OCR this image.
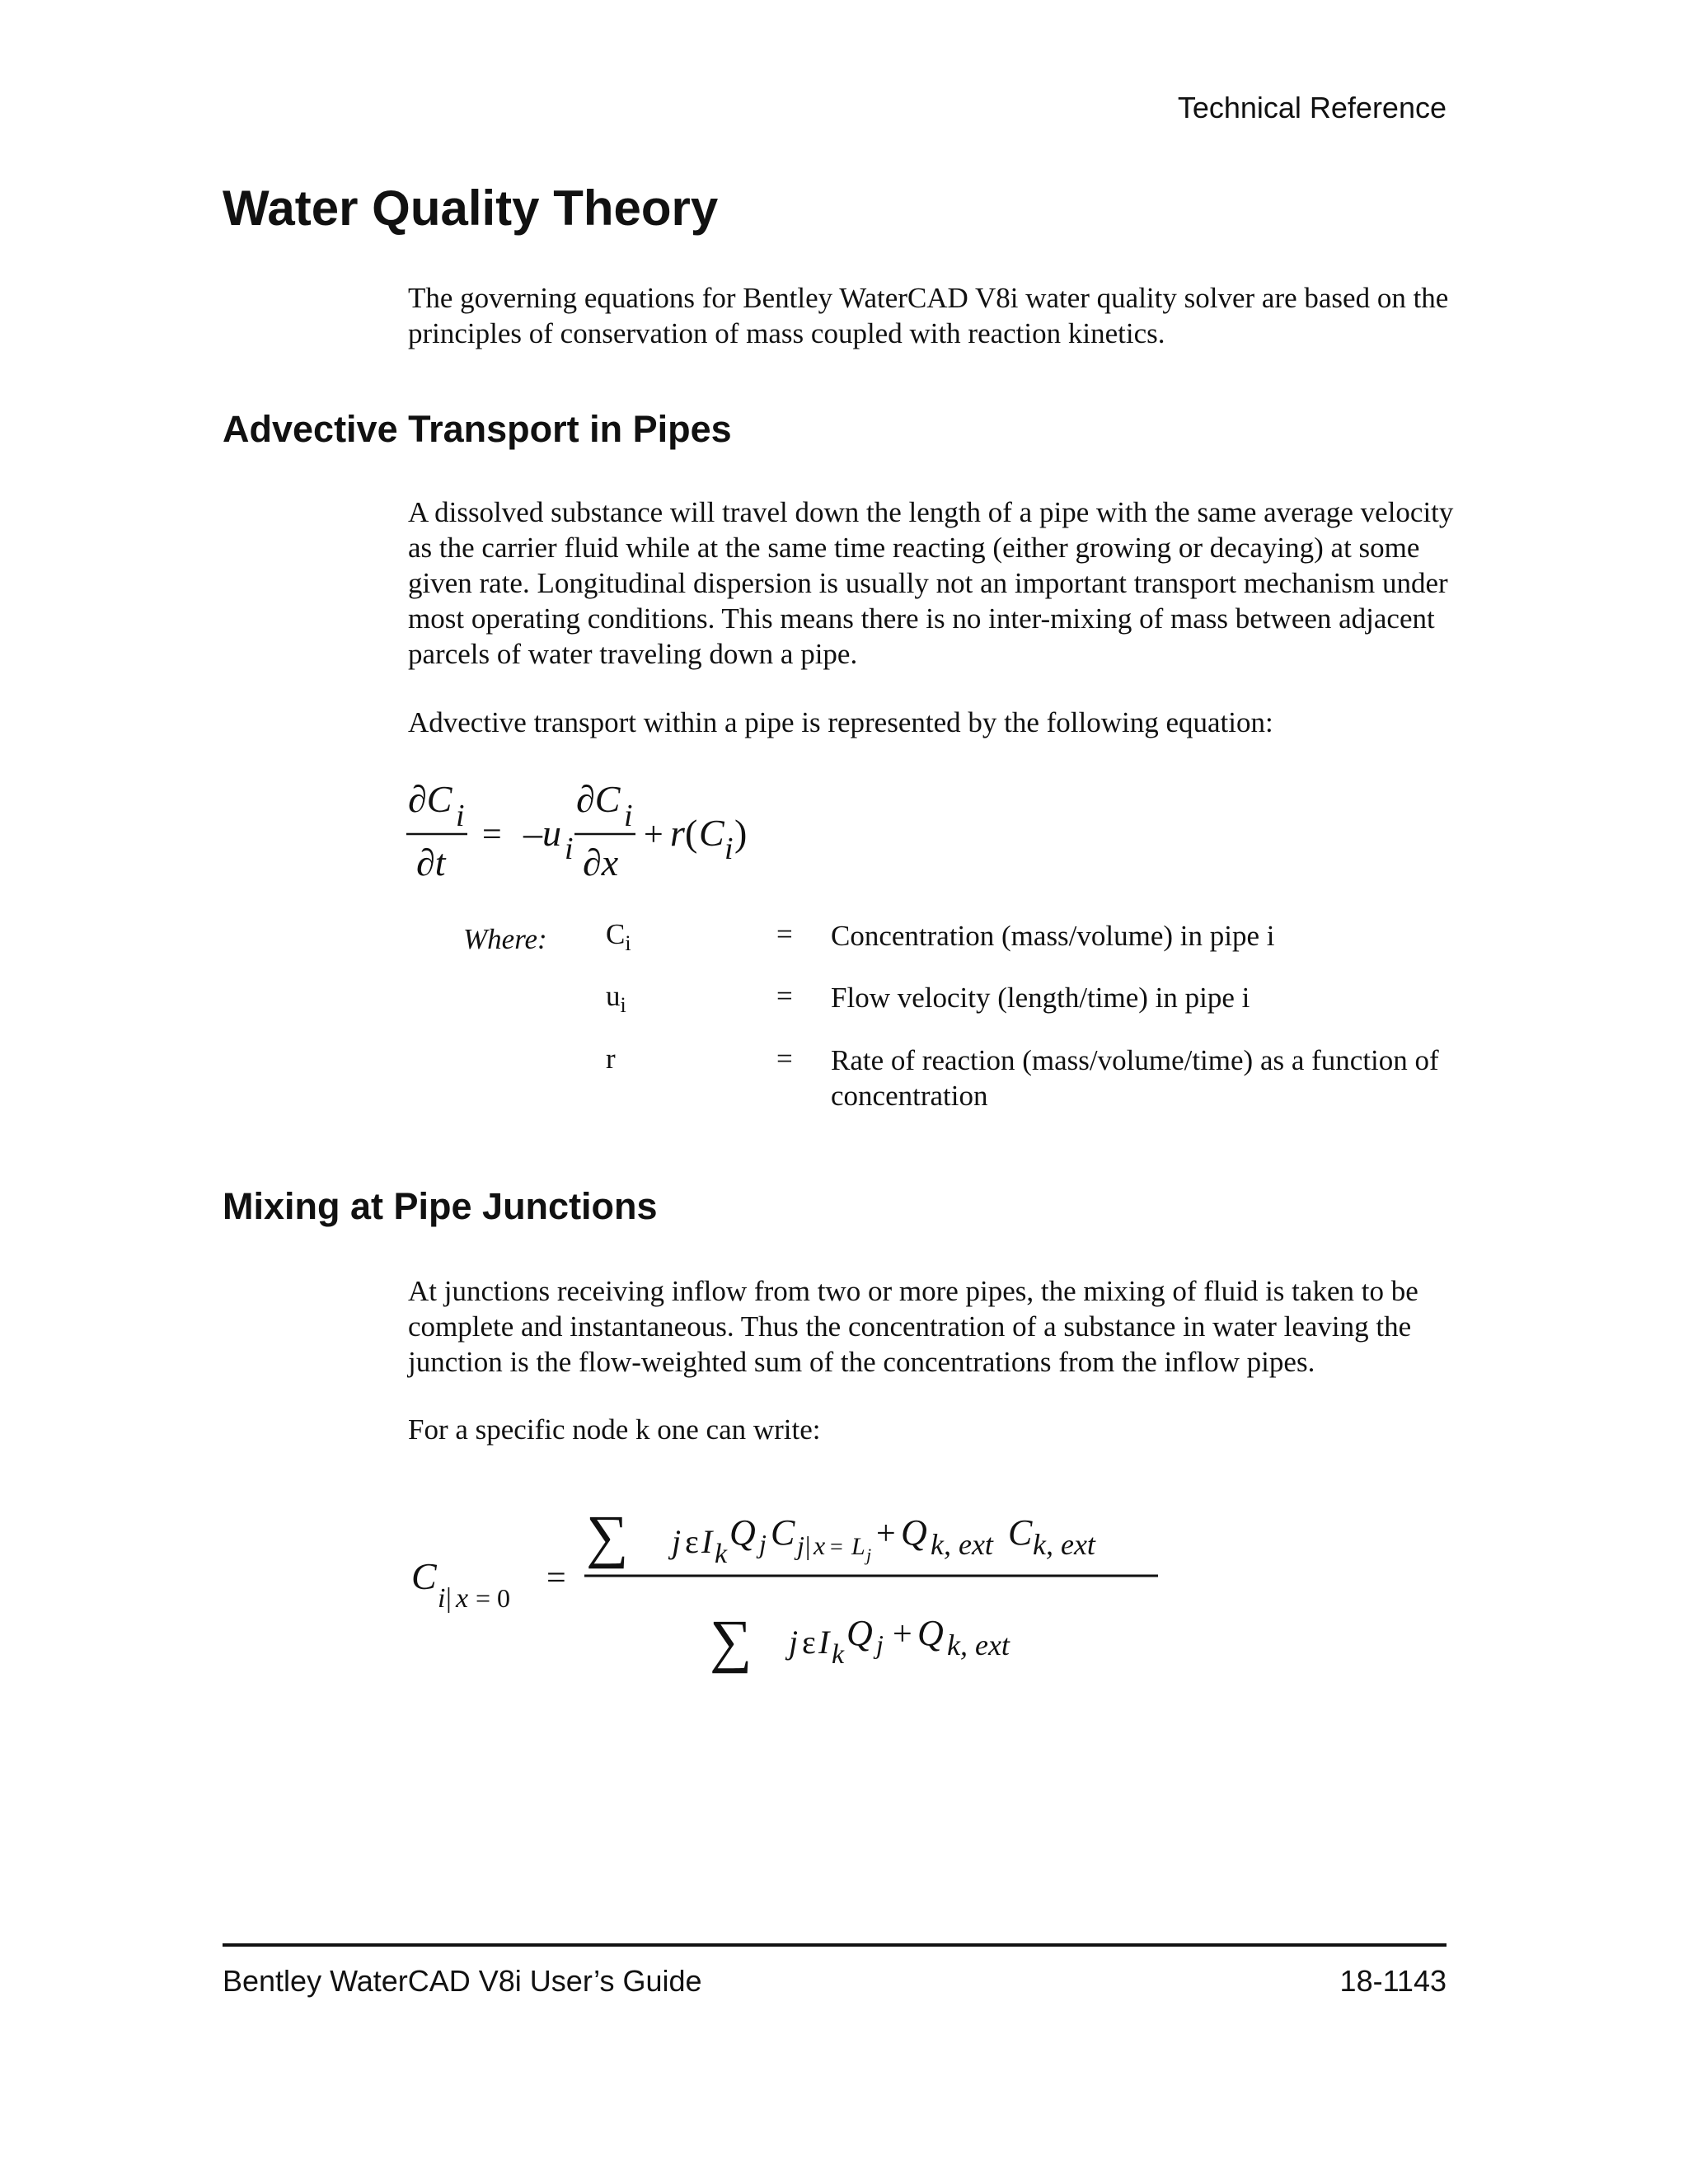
Technical Reference
Water Quality Theory

The governing equations for Bentley WaterCAD V8i water quality solver are based on the principles of conservation of mass coupled with reaction kinetics.

Advective Transport in Pipes

A dissolved substance will travel down the length of a pipe with the same average velocity as the carrier fluid while at the same time reacting (either growing or decaying) at some given rate. Longitudinal dispersion is usually not an important transport mechanism under most operating conditions. This means there is no inter-mixing of mass between adjacent parcels of water traveling down a pipe.

Advective transport within a pipe is represented by the following equation:

∂C i
∂t
= –u i
∂C i
∂x
+ r ( C i )
Where: $C_i$	= Concentration (mass/volume) in pipe i
$u_i$	= Flow velocity (length/time) in pipe i
r	= Rate of reaction (mass/volume/time) as a function of concentration
Mixing at Pipe Junctions

At junctions receiving inflow from two or more pipes, the mixing of fluid is taken to be complete and instantaneous. Thus the concentration of a substance in water leaving the junction is the flow-weighted sum of the concentrations from the inflow pipes.

For a specific node k one can write:

C
i | x = 0
=
∑ j ε I k
Q j C j | x = L j
+ Q k, ext C k, ext
∑ j ε I k
Q j + Q k, ext
Bentley WaterCAD V8i User’s Guide	18-1143
